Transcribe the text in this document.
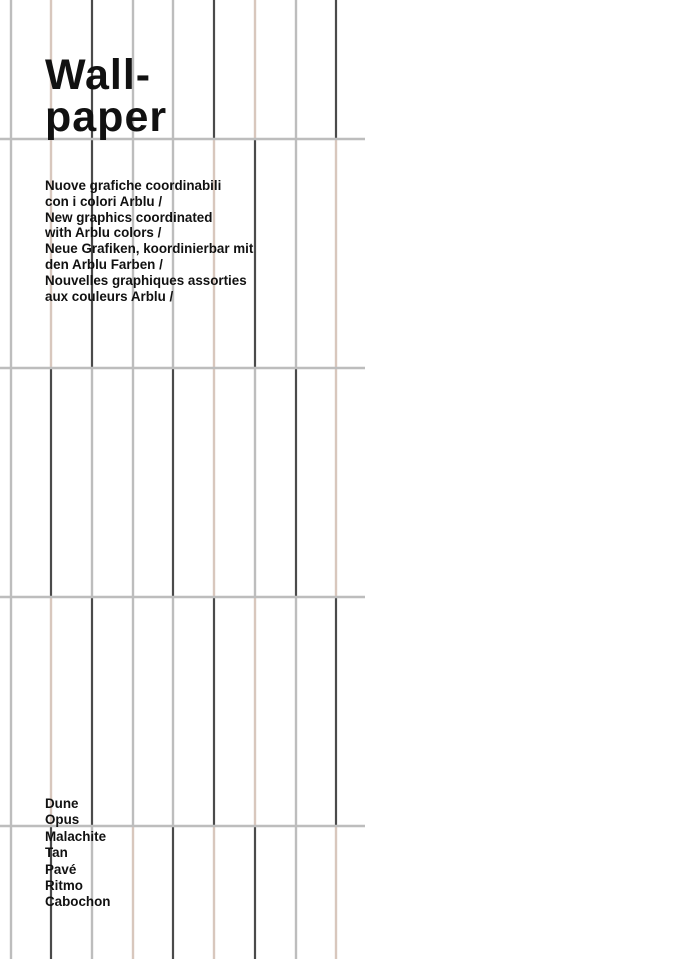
Wall-
paper
Nuove grafiche coordinabili
con i colori Arblu /
New graphics coordinated
with Arblu colors /
Neue Grafiken, koordinierbar mit
den Arblu Farben /
Nouvelles graphiques assorties
aux couleurs Arblu /
Dune
Opus
Malachite
Tan
Pavé
Ritmo
Cabochon
